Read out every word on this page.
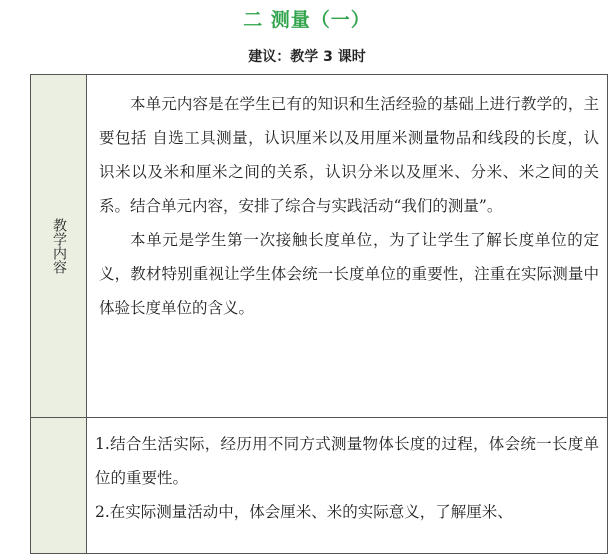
二 测量（一）
建议：教学 3 课时
教学内容

本单元内容是在学生已有的知识和生活经验的基础上进行教学的，主要包括 自选工具测量，认识厘米以及用厘米测量物品和线段的长度，认识米以及米和厘米之间的关系，认识分米以及厘米、分米、米之间的关系。结合单元内容，安排了综合与实践活动“我们的测量”。

本单元是学生第一次接触长度单位，为了让学生了解长度单位的定义，教材特别重视让学生体会统一长度单位的重要性，注重在实际测量中体验长度单位的含义。

1.结合生活实际，经历用不同方式测量物体长度的过程，体会统一长度单位的重要性。

2.在实际测量活动中，体会厘米、米的实际意义，了解厘米、
